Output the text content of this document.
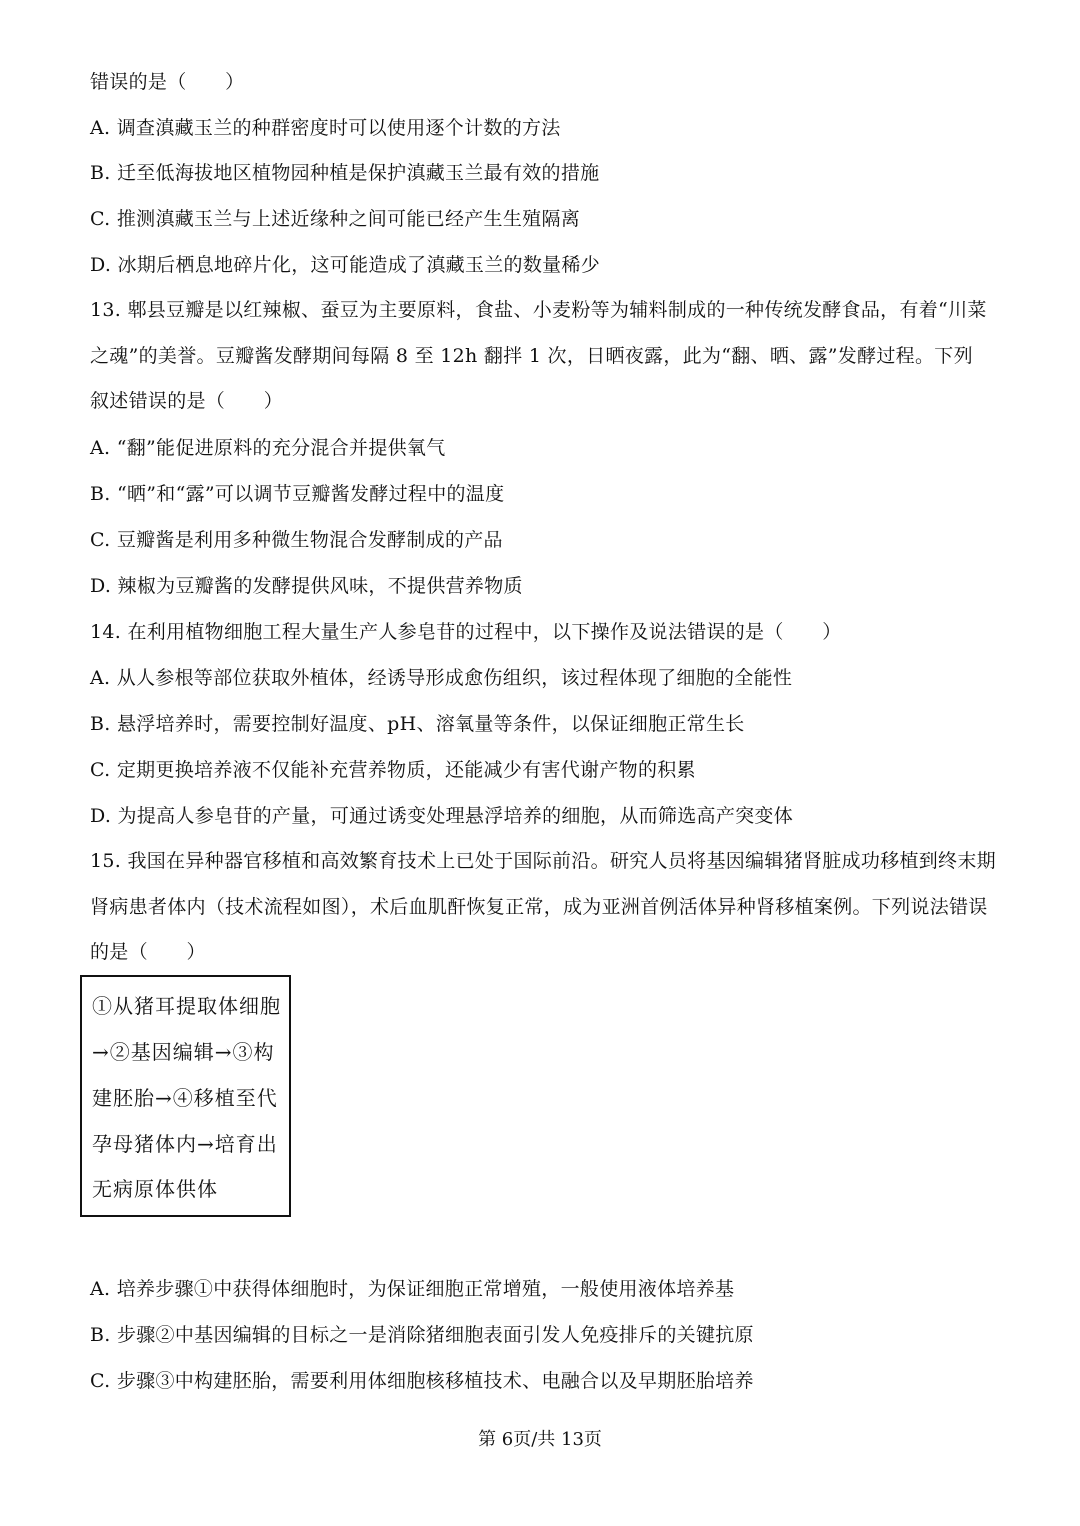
错误的是（　　）
A. 调查滇藏玉兰的种群密度时可以使用逐个计数的方法
B. 迁至低海拔地区植物园种植是保护滇藏玉兰最有效的措施
C. 推测滇藏玉兰与上述近缘种之间可能已经产生生殖隔离
D. 冰期后栖息地碎片化，这可能造成了滇藏玉兰的数量稀少
13. 郫县豆瓣是以红辣椒、蚕豆为主要原料，食盐、小麦粉等为辅料制成的一种传统发酵食品，有着“川菜
之魂”的美誉。豆瓣酱发酵期间每隔 8 至 12h 翻拌 1 次，日晒夜露，此为“翻、晒、露”发酵过程。下列
叙述错误的是（　　）
A. “翻”能促进原料的充分混合并提供氧气
B. “晒”和“露”可以调节豆瓣酱发酵过程中的温度
C. 豆瓣酱是利用多种微生物混合发酵制成的产品
D. 辣椒为豆瓣酱的发酵提供风味，不提供营养物质
14. 在利用植物细胞工程大量生产人参皂苷的过程中，以下操作及说法错误的是（　　）
A. 从人参根等部位获取外植体，经诱导形成愈伤组织，该过程体现了细胞的全能性
B. 悬浮培养时，需要控制好温度、pH、溶氧量等条件，以保证细胞正常生长
C. 定期更换培养液不仅能补充营养物质，还能减少有害代谢产物的积累
D. 为提高人参皂苷的产量，可通过诱变处理悬浮培养的细胞，从而筛选高产突变体
15. 我国在异种器官移植和高效繁育技术上已处于国际前沿。研究人员将基因编辑猪肾脏成功移植到终末期
肾病患者体内（技术流程如图），术后血肌酐恢复正常，成为亚洲首例活体异种肾移植案例。下列说法错误
的是（　　）
①从猪耳提取体细胞
→②基因编辑→③构
建胚胎→④移植至代
孕母猪体内→培育出
无病原体供体
A. 培养步骤①中获得体细胞时，为保证细胞正常增殖，一般使用液体培养基
B. 步骤②中基因编辑的目标之一是消除猪细胞表面引发人免疫排斥的关键抗原
C. 步骤③中构建胚胎，需要利用体细胞核移植技术、电融合以及早期胚胎培养
第 6页/共 13页
